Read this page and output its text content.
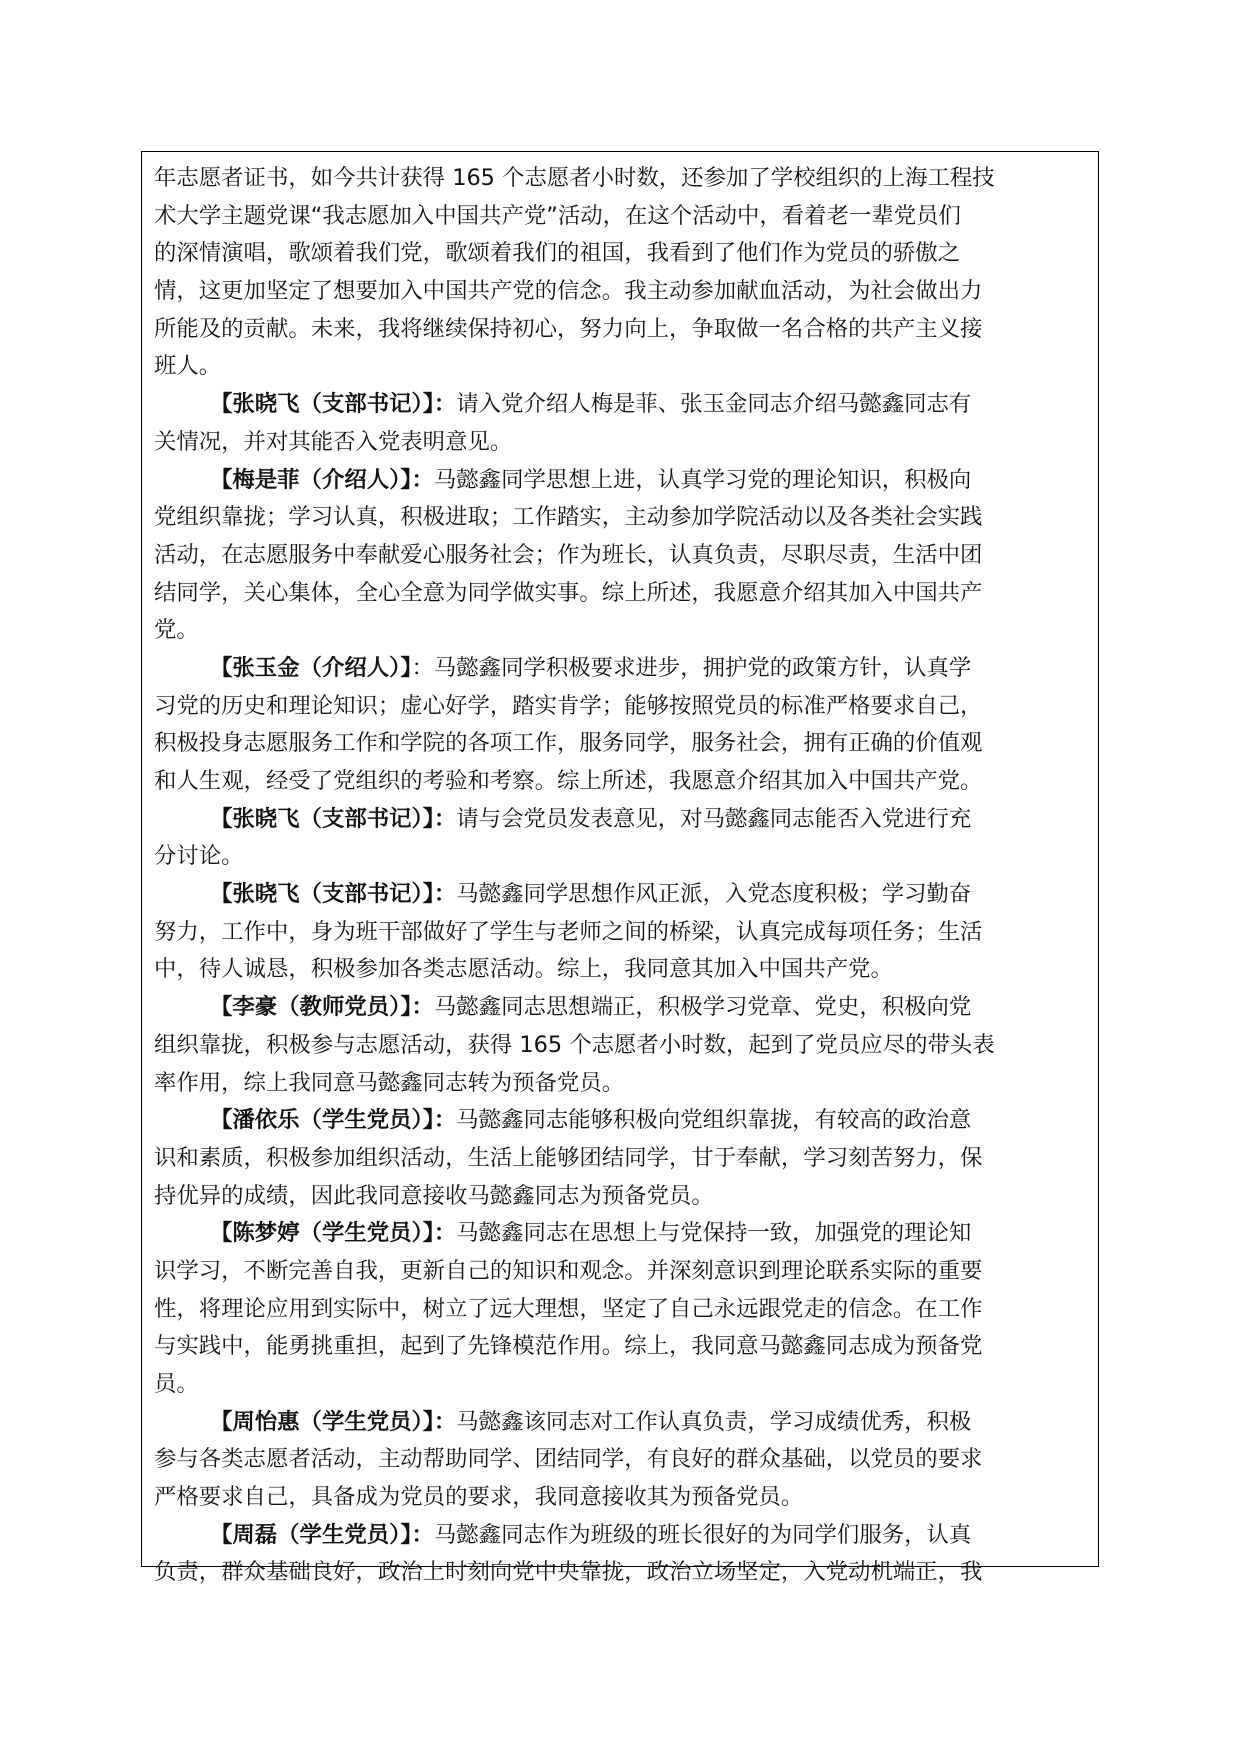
年志愿者证书，如今共计获得 165 个志愿者小时数，还参加了学校组织的上海工程技
术大学主题党课“我志愿加入中国共产党”活动，在这个活动中，看着老一辈党员们
的深情演唱，歌颂着我们党，歌颂着我们的祖国，我看到了他们作为党员的骄傲之
情，这更加坚定了想要加入中国共产党的信念。我主动参加献血活动，为社会做出力
所能及的贡献。未来，我将继续保持初心，努力向上，争取做一名合格的共产主义接
班人。
【张晓飞（支部书记）】：请入党介绍人梅是菲、张玉金同志介绍马懿鑫同志有
关情况，并对其能否入党表明意见。
【梅是菲（介绍人）】：马懿鑫同学思想上进，认真学习党的理论知识，积极向
党组织靠拢；学习认真，积极进取；工作踏实，主动参加学院活动以及各类社会实践
活动，在志愿服务中奉献爱心服务社会；作为班长，认真负责，尽职尽责，生活中团
结同学，关心集体，全心全意为同学做实事。综上所述，我愿意介绍其加入中国共产
党。
【张玉金（介绍人）】：马懿鑫同学积极要求进步，拥护党的政策方针，认真学
习党的历史和理论知识；虚心好学，踏实肯学；能够按照党员的标准严格要求自己，
积极投身志愿服务工作和学院的各项工作，服务同学，服务社会，拥有正确的价值观
和人生观，经受了党组织的考验和考察。综上所述，我愿意介绍其加入中国共产党。
【张晓飞（支部书记）】：请与会党员发表意见，对马懿鑫同志能否入党进行充
分讨论。
【张晓飞（支部书记）】：马懿鑫同学思想作风正派，入党态度积极；学习勤奋
努力，工作中，身为班干部做好了学生与老师之间的桥梁，认真完成每项任务；生活
中，待人诚恳，积极参加各类志愿活动。综上，我同意其加入中国共产党。
【李豪（教师党员）】：马懿鑫同志思想端正，积极学习党章、党史，积极向党
组织靠拢，积极参与志愿活动，获得 165 个志愿者小时数，起到了党员应尽的带头表
率作用，综上我同意马懿鑫同志转为预备党员。
【潘依乐（学生党员）】：马懿鑫同志能够积极向党组织靠拢，有较高的政治意
识和素质，积极参加组织活动，生活上能够团结同学，甘于奉献，学习刻苦努力，保
持优异的成绩，因此我同意接收马懿鑫同志为预备党员。
【陈梦婷（学生党员）】：马懿鑫同志在思想上与党保持一致，加强党的理论知
识学习，不断完善自我，更新自己的知识和观念。并深刻意识到理论联系实际的重要
性，将理论应用到实际中，树立了远大理想，坚定了自己永远跟党走的信念。在工作
与实践中，能勇挑重担，起到了先锋模范作用。综上，我同意马懿鑫同志成为预备党
员。
【周怡惠（学生党员）】：马懿鑫该同志对工作认真负责，学习成绩优秀，积极
参与各类志愿者活动，主动帮助同学、团结同学，有良好的群众基础，以党员的要求
严格要求自己，具备成为党员的要求，我同意接收其为预备党员。
【周磊（学生党员）】：马懿鑫同志作为班级的班长很好的为同学们服务，认真
负责，群众基础良好，政治上时刻向党中央靠拢，政治立场坚定，入党动机端正，我
